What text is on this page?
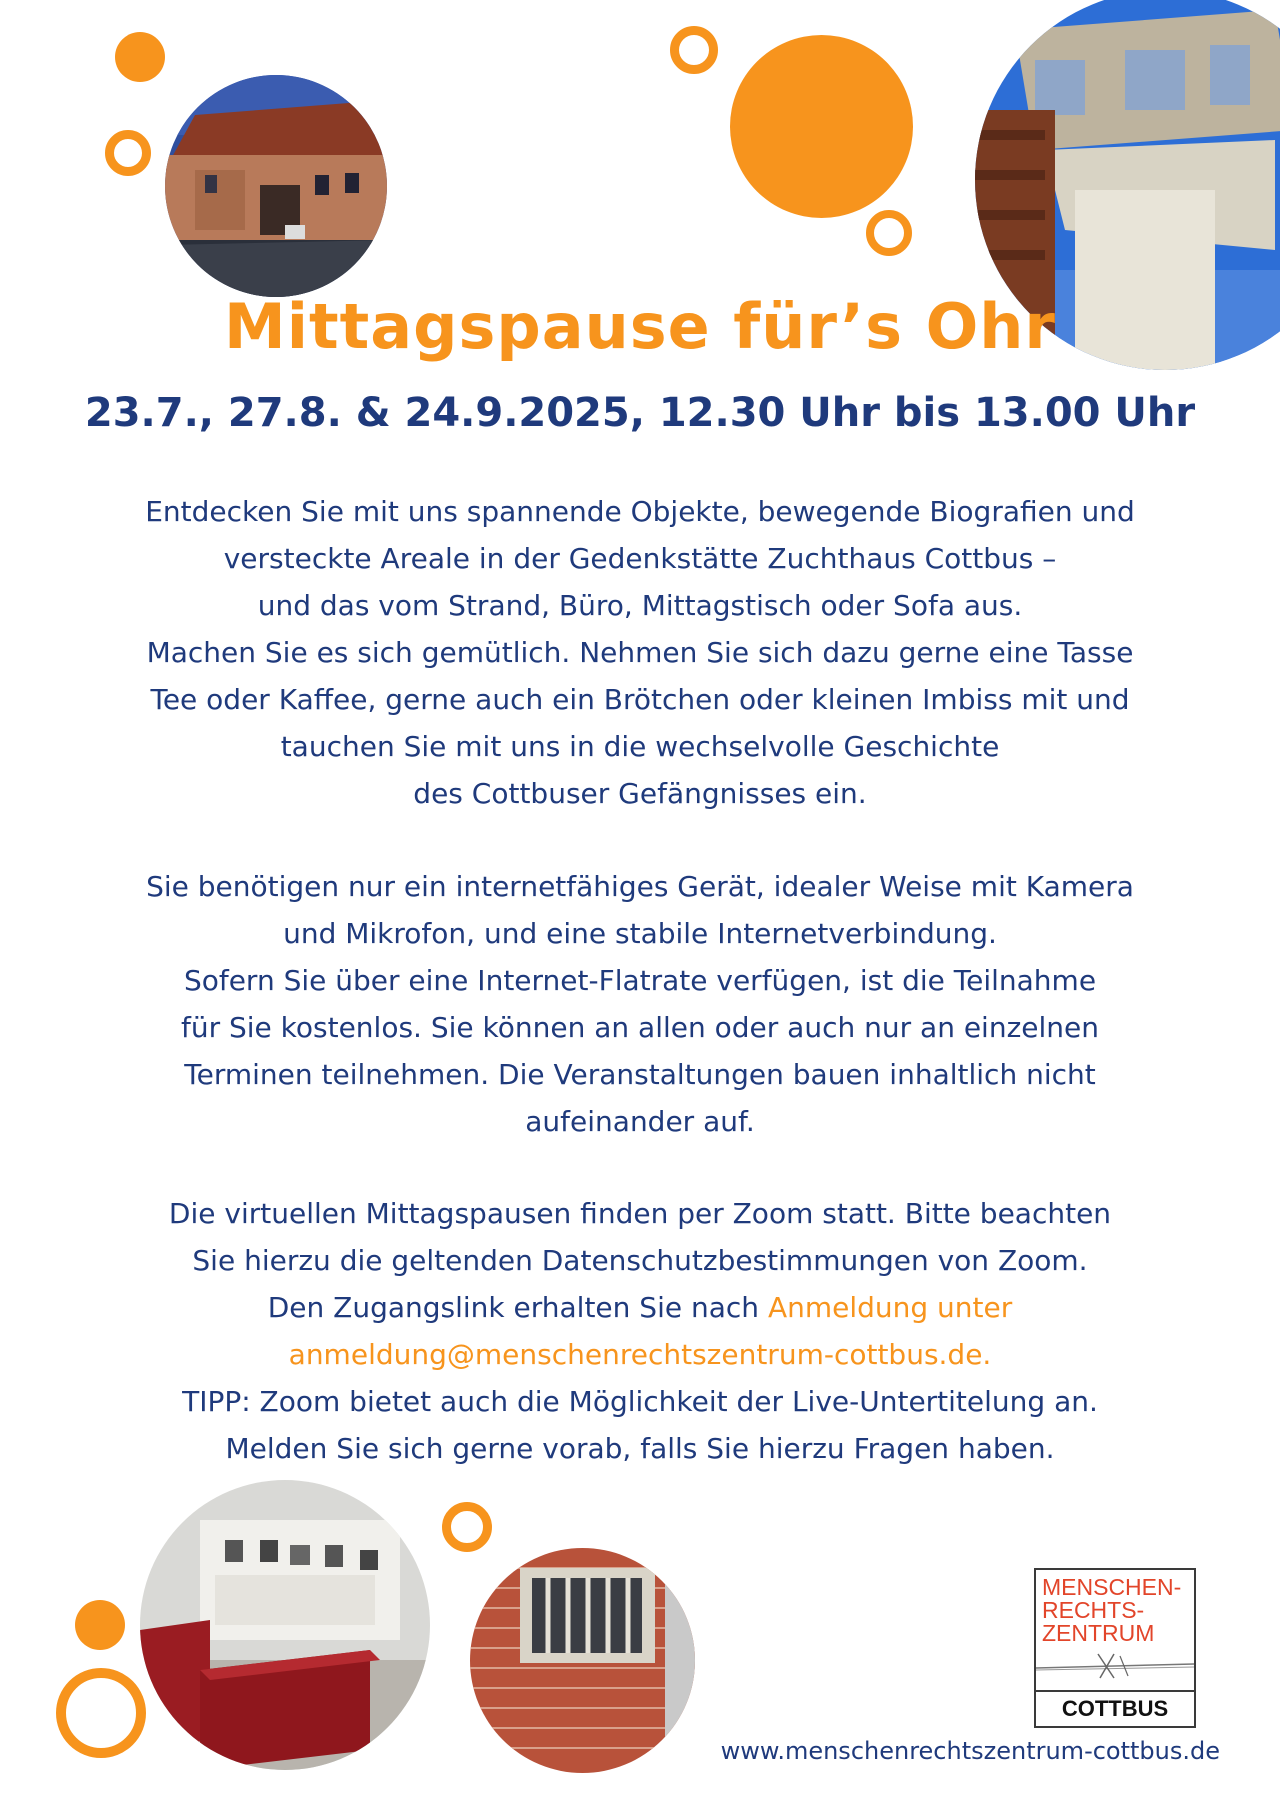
Mittagspause für’s Ohr
23.7., 27.8. & 24.9.2025, 12.30 Uhr bis 13.00 Uhr
Entdecken Sie mit uns spannende Objekte, bewegende Biografien und
versteckte Areale in der Gedenkstätte Zuchthaus Cottbus –
und das vom Strand, Büro, Mittagstisch oder Sofa aus.
Machen Sie es sich gemütlich. Nehmen Sie sich dazu gerne eine Tasse
Tee oder Kaffee, gerne auch ein Brötchen oder kleinen Imbiss mit und
tauchen Sie mit uns in die wechselvolle Geschichte
des Cottbuser Gefängnisses ein.
Sie benötigen nur ein internetfähiges Gerät, idealer Weise mit Kamera
und Mikrofon, und eine stabile Internetverbindung.
Sofern Sie über eine Internet-Flatrate verfügen, ist die Teilnahme
für Sie kostenlos. Sie können an allen oder auch nur an einzelnen
Terminen teilnehmen. Die Veranstaltungen bauen inhaltlich nicht
aufeinander auf.
Die virtuellen Mittagspausen finden per Zoom statt. Bitte beachten
Sie hierzu die geltenden Datenschutzbestimmungen von Zoom.
Den Zugangslink erhalten Sie nach Anmeldung unter
anmeldung@menschenrechtszentrum-cottbus.de.
TIPP: Zoom bietet auch die Möglichkeit der Live-Untertitelung an.
Melden Sie sich gerne vorab, falls Sie hierzu Fragen haben.
MENSCHEN-
RECHTS-
ZENTRUM
COTTBUS
www.menschenrechtszentrum-cottbus.de
